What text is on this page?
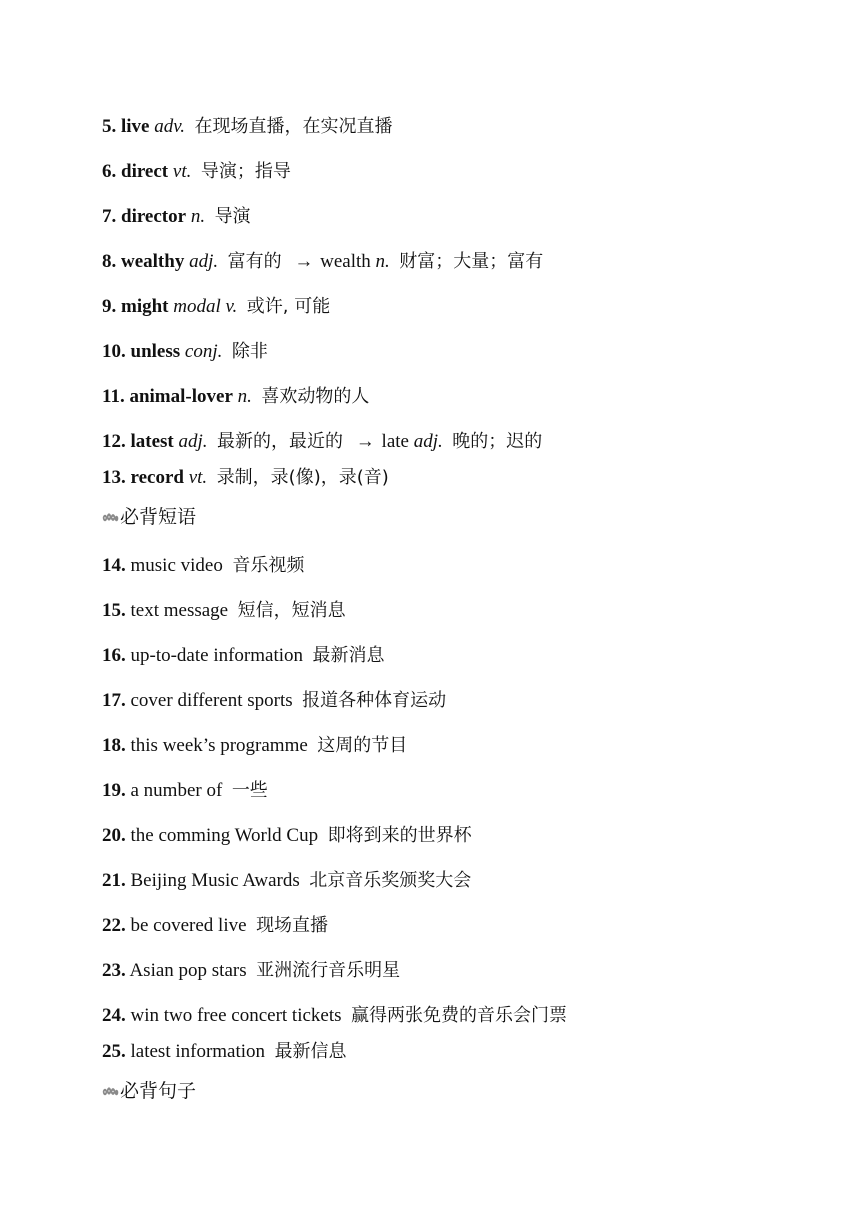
5. live adv. 在现场直播，在实况直播
6. direct vt. 导演；指导
7. director n. 导演
8. wealthy adj. 富有的 → wealth n. 财富；大量；富有
9. might modal v. 或许, 可能
10. unless conj. 除非
11. animal-lover n. 喜欢动物的人
12. latest adj. 最新的，最近的 → late adj. 晚的；迟的
13. record vt. 录制，录(像)，录(音)
必背短语
14. music video 音乐视频
15. text message 短信，短消息
16. up-to-date information 最新消息
17. cover different sports 报道各种体育运动
18. this week’s programme 这周的节目
19. a number of 一些
20. the comming World Cup 即将到来的世界杯
21. Beijing Music Awards 北京音乐奖颁奖大会
22. be covered live 现场直播
23. Asian pop stars 亚洲流行音乐明星
24. win two free concert tickets 赢得两张免费的音乐会门票
25. latest information 最新信息
必背句子
